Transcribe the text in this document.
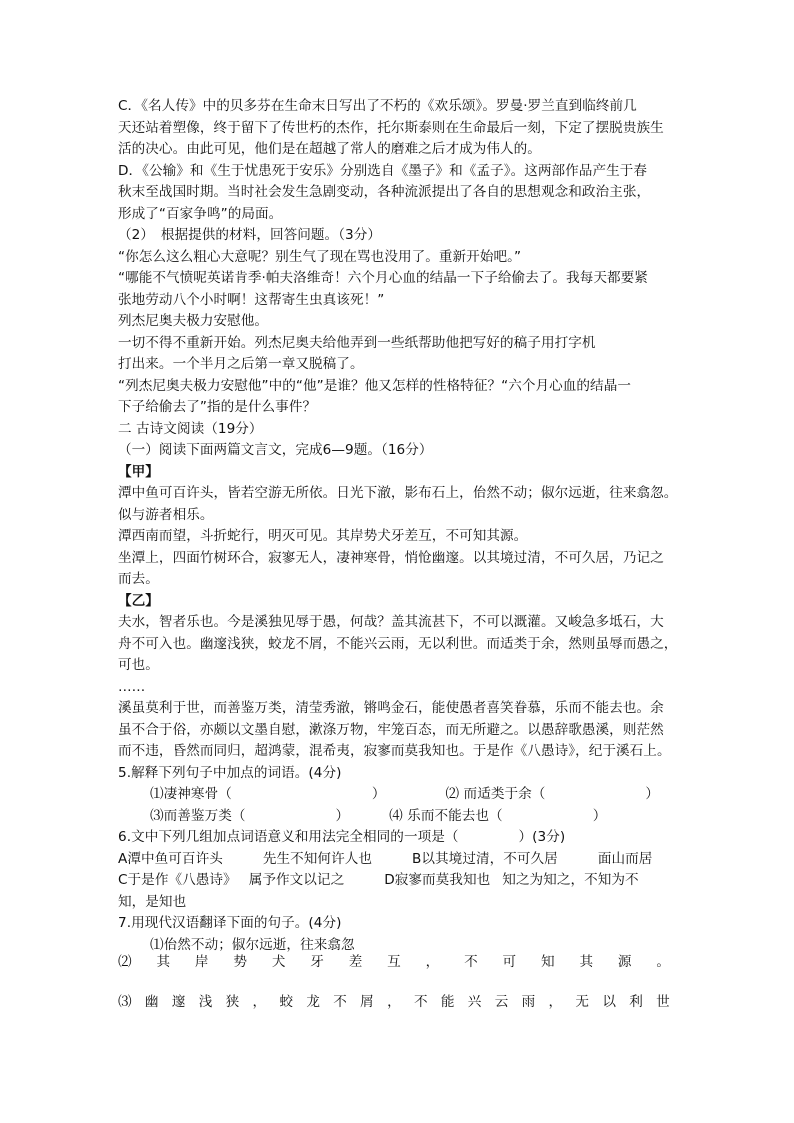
C．《名人传》中的贝多芬在生命末日写出了不朽的《欢乐颂》。罗曼·罗兰直到临终前几
天还站着塑像，终于留下了传世朽的杰作，托尔斯泰则在生命最后一刻，下定了摆脱贵族生
活的决心。由此可见，他们是在超越了常人的磨难之后才成为伟人的。
D．《公输》和《生于忧患死于安乐》分别选自《墨子》和《孟子》。这两部作品产生于春
秋末至战国时期。当时社会发生急剧变动，各种流派提出了各自的思想观念和政治主张，
形成了“百家争鸣”的局面。
（2）　根据提供的材料，回答问题。（3分）
“你怎么这么粗心大意呢？别生气了现在骂也没用了。重新开始吧。”
“哪能不气愤呢英诺肯季·帕夫洛维奇！六个月心血的结晶一下子给偷去了。我每天都要紧
张地劳动八个小时啊！这帮寄生虫真该死！”
列杰尼奥夫极力安慰他。
一切不得不重新开始。列杰尼奥夫给他弄到一些纸帮助他把写好的稿子用打字机
打出来。一个半月之后第一章又脱稿了。
“列杰尼奥夫极力安慰他”中的“他”是谁？他又怎样的性格特征？“六个月心血的结晶一
下子给偷去了”指的是什么事件？
二 古诗文阅读（19分）
（一）阅读下面两篇文言文，完成6—9题。（16分）
【甲】
潭中鱼可百许头，皆若空游无所依。日光下澈，影布石上，佁然不动；俶尔远逝，往来翕忽。
似与游者相乐。
潭西南而望，斗折蛇行，明灭可见。其岸势犬牙差互，不可知其源。
坐潭上，四面竹树环合，寂寥无人，凄神寒骨，悄怆幽邃。以其境过清，不可久居，乃记之
而去。
【乙】
夫水，智者乐也。今是溪独见辱于愚，何哉？盖其流甚下，不可以溉灌。又峻急多坻石，大
舟不可入也。幽邃浅狭，蛟龙不屑，不能兴云雨，无以利世。而适类于余，然则虽辱而愚之，
可也。
……
溪虽莫利于世，而善鉴万类，清莹秀澈，锵鸣金石，能使愚者喜笑眷慕，乐而不能去也。余
虽不合于俗，亦颇以文墨自慰，漱涤万物，牢笼百态，而无所避之。以愚辞歌愚溪，则茫然
而不违，昏然而同归，超鸿蒙，混希夷，寂寥而莫我知也。于是作《八愚诗》，纪于溪石上。
5.解释下列句子中加点的词语。(4分)
⑴凄神寒骨（	）	⑵ 而适类于余（	）
⑶而善鉴万类（	）	⑷ 乐而不能去也（	）
6.文中下列几组加点词语意义和用法完全相同的一项是（	）(3分)
A潭中鱼可百许头	先生不知何许人也	B以其境过清，不可久居	面山而居
C于是作《八愚诗》 属予作文以记之	D寂寥而莫我知也 知之为知之，不知为不
知，是知也
7.用现代汉语翻译下面的句子。(4分)
⑴佁然不动；俶尔远逝，往来翕忽
⑵ 其 岸 势 犬 牙 差 互 ， 不 可 知 其 源 。
⑶ 幽 邃 浅 狭 ， 蛟 龙 不 屑 ， 不 能 兴 云 雨 ， 无 以 利 世
